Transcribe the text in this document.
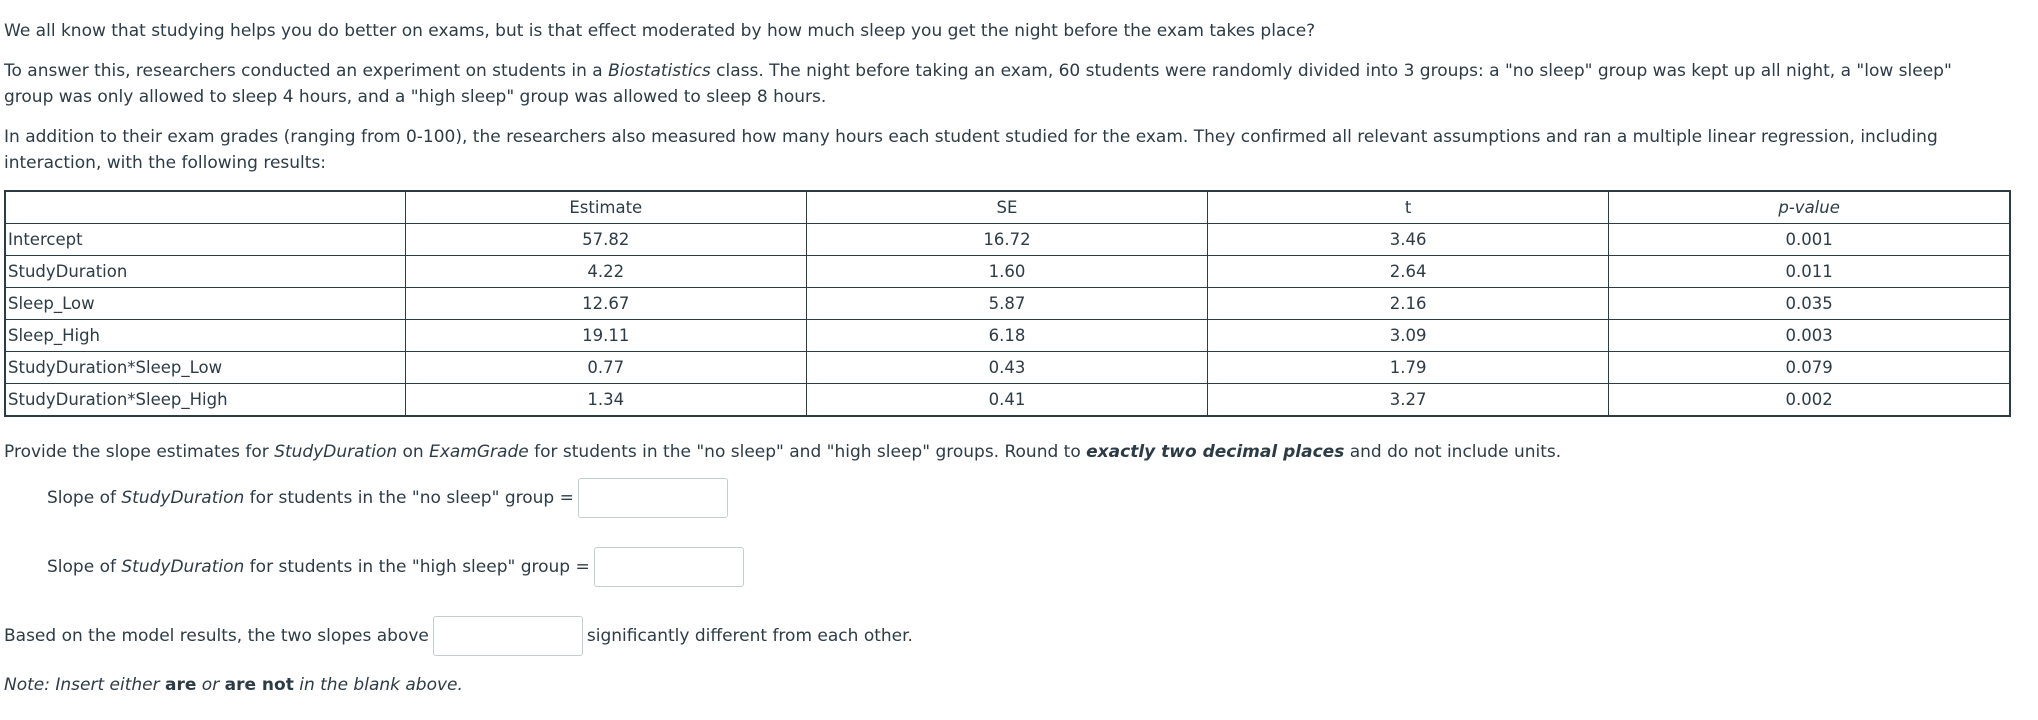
We all know that studying helps you do better on exams, but is that effect moderated by how much sleep you get the night before the exam takes place?

To answer this, researchers conducted an experiment on students in a Biostatistics class. The night before taking an exam, 60 students were randomly divided into 3 groups: a "no sleep" group was kept up all night, a "low sleep" group was only allowed to sleep 4 hours, and a "high sleep" group was allowed to sleep 8 hours.

In addition to their exam grades (ranging from 0-100), the researchers also measured how many hours each student studied for the exam. They confirmed all relevant assumptions and ran a multiple linear regression, including interaction, with the following results:

	Estimate	SE	t	p-value
Intercept	57.82	16.72	3.46	0.001
StudyDuration	4.22	1.60	2.64	0.011
Sleep_Low	12.67	5.87	2.16	0.035
Sleep_High	19.11	6.18	3.09	0.003
StudyDuration*Sleep_Low	0.77	0.43	1.79	0.079
StudyDuration*Sleep_High	1.34	0.41	3.27	0.002

Provide the slope estimates for StudyDuration on ExamGrade for students in the "no sleep" and "high sleep" groups. Round to exactly two decimal places and do not include units.

Slope of StudyDuration for students in the "no sleep" group =
Slope of StudyDuration for students in the "high sleep" group =
Based on the model results, the two slopes above	significantly different from each other.
Note: Insert either are or are not in the blank above.
